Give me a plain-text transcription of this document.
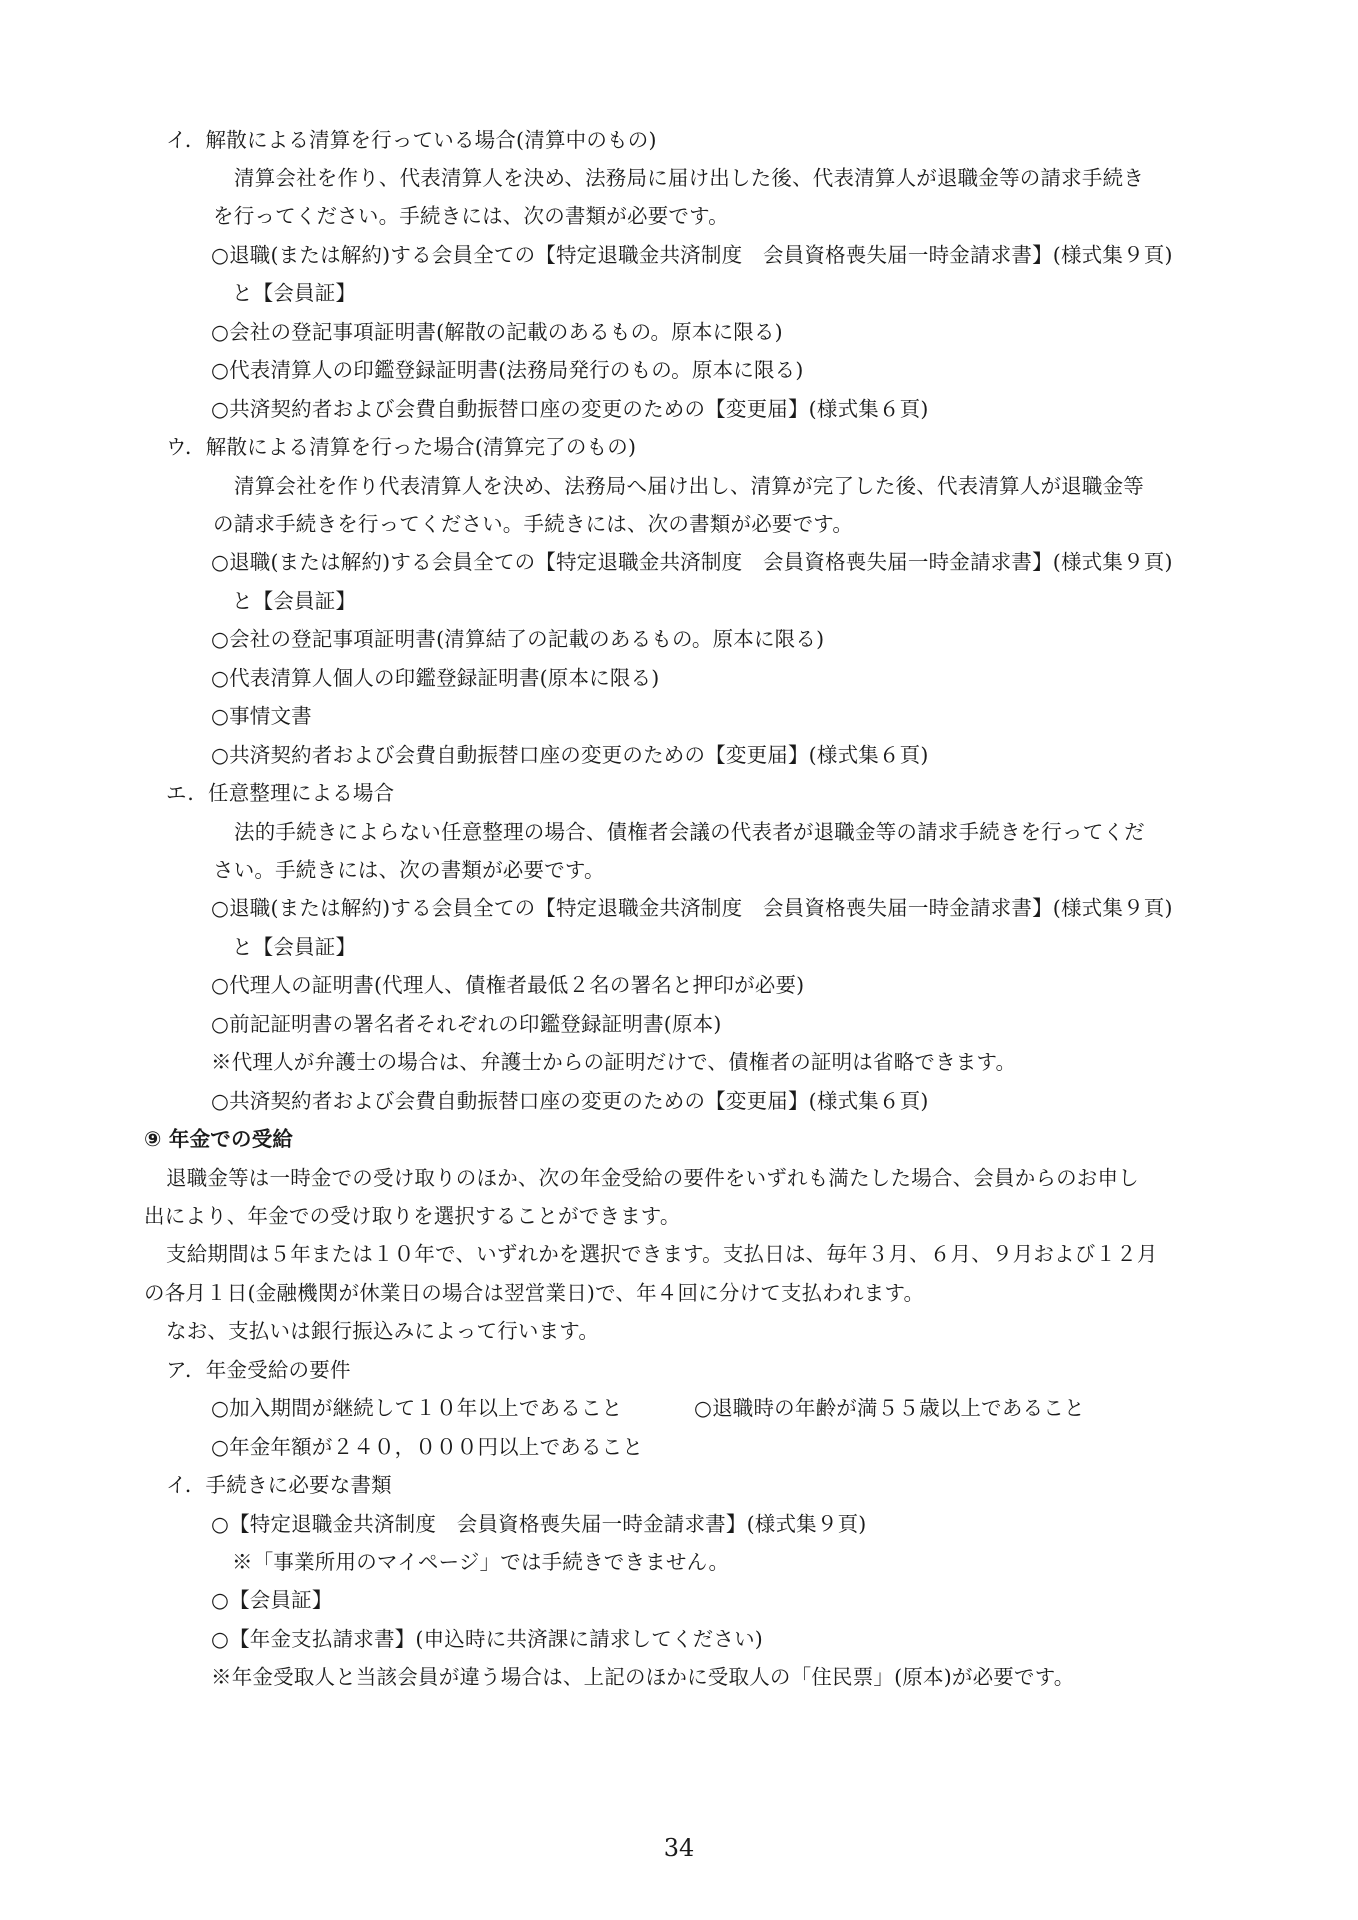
イ．解散による清算を行っている場合(清算中のもの)
清算会社を作り、代表清算人を決め、法務局に届け出した後、代表清算人が退職金等の請求手続き
を行ってください。手続きには、次の書類が必要です。
○退職(または解約)する会員全ての【特定退職金共済制度　会員資格喪失届一時金請求書】(様式集９頁)
と【会員証】
○会社の登記事項証明書(解散の記載のあるもの。原本に限る)
○代表清算人の印鑑登録証明書(法務局発行のもの。原本に限る)
○共済契約者および会費自動振替口座の変更のための【変更届】(様式集６頁)
ウ．解散による清算を行った場合(清算完了のもの)
清算会社を作り代表清算人を決め、法務局へ届け出し、清算が完了した後、代表清算人が退職金等
の請求手続きを行ってください。手続きには、次の書類が必要です。
○退職(または解約)する会員全ての【特定退職金共済制度　会員資格喪失届一時金請求書】(様式集９頁)
と【会員証】
○会社の登記事項証明書(清算結了の記載のあるもの。原本に限る)
○代表清算人個人の印鑑登録証明書(原本に限る)
○事情文書
○共済契約者および会費自動振替口座の変更のための【変更届】(様式集６頁)
エ．任意整理による場合
法的手続きによらない任意整理の場合、債権者会議の代表者が退職金等の請求手続きを行ってくだ
さい。手続きには、次の書類が必要です。
○退職(または解約)する会員全ての【特定退職金共済制度　会員資格喪失届一時金請求書】(様式集９頁)
と【会員証】
○代理人の証明書(代理人、債権者最低２名の署名と押印が必要)
○前記証明書の署名者それぞれの印鑑登録証明書(原本)
※代理人が弁護士の場合は、弁護士からの証明だけで、債権者の証明は省略できます。
○共済契約者および会費自動振替口座の変更のための【変更届】(様式集６頁)
⑨ 年金での受給
退職金等は一時金での受け取りのほか、次の年金受給の要件をいずれも満たした場合、会員からのお申し
出により、年金での受け取りを選択することができます。
支給期間は５年または１０年で、いずれかを選択できます。支払日は、毎年３月、６月、９月および１２月
の各月１日(金融機関が休業日の場合は翌営業日)で、年４回に分けて支払われます。
なお、支払いは銀行振込みによって行います。
ア．年金受給の要件
○加入期間が継続して１０年以上であること	○退職時の年齢が満５５歳以上であること
○年金年額が２４０，０００円以上であること
イ．手続きに必要な書類
○【特定退職金共済制度　会員資格喪失届一時金請求書】(様式集９頁)
※「事業所用のマイページ」では手続きできません。
○【会員証】
○【年金支払請求書】(申込時に共済課に請求してください)
※年金受取人と当該会員が違う場合は、上記のほかに受取人の「住民票」(原本)が必要です。
34
